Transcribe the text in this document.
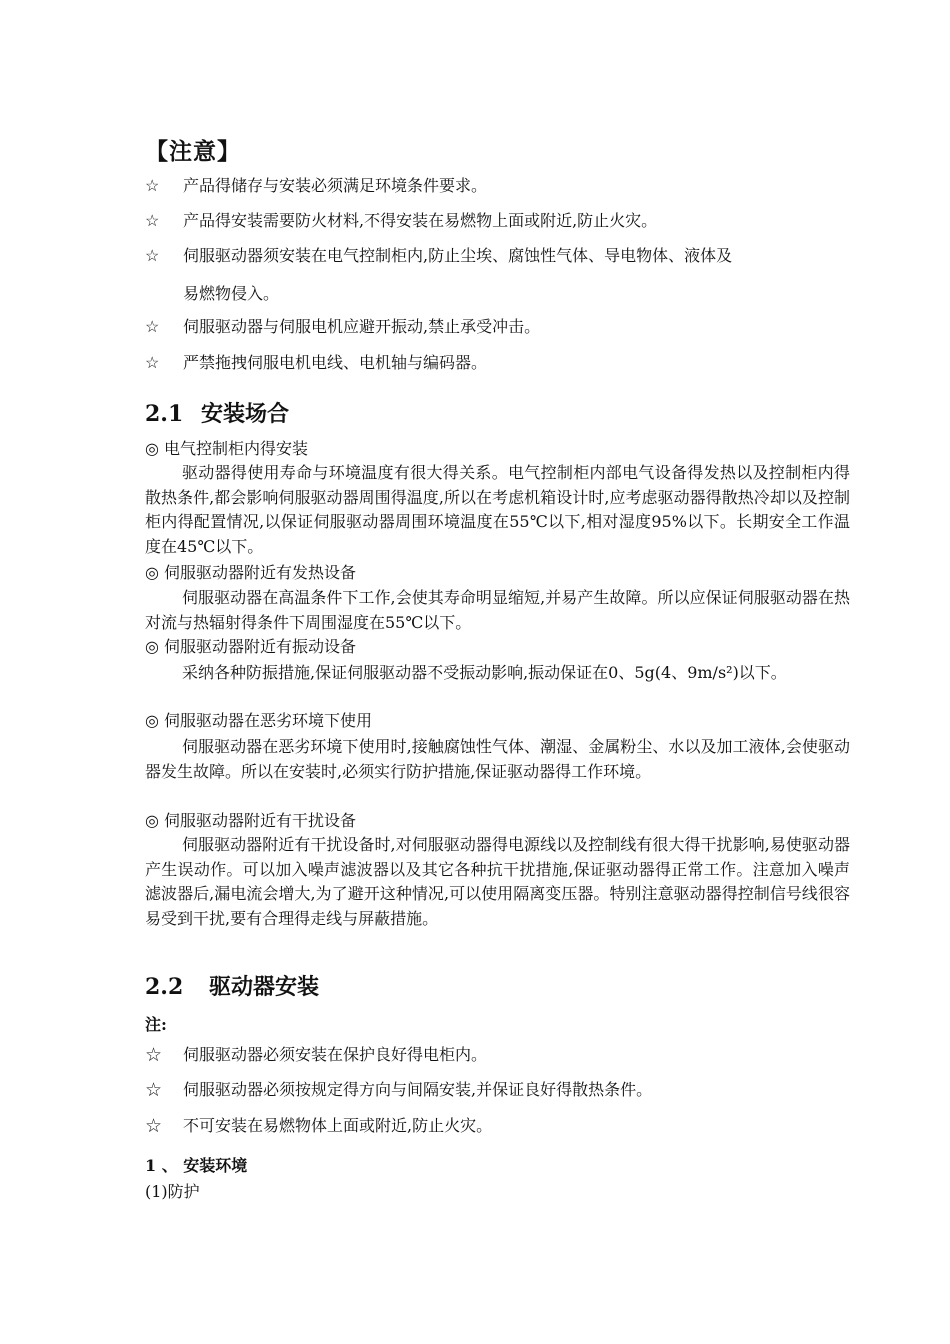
【注意】
☆	产品得储存与安装必须满足环境条件要求。
☆	产品得安装需要防火材料,不得安装在易燃物上面或附近,防止火灾。
☆	伺服驱动器须安装在电气控制柜内,防止尘埃、腐蚀性气体、导电物体、液体及
易燃物侵入。
☆	伺服驱动器与伺服电机应避开振动,禁止承受冲击。
☆	严禁拖拽伺服电机电线、电机轴与编码器。
2.1 安装场合
◎ 电气控制柜内得安装
驱动器得使用寿命与环境温度有很大得关系。电气控制柜内部电气设备得发热以及控制柜内得散热条件,都会影响伺服驱动器周围得温度,所以在考虑机箱设计时,应考虑驱动器得散热冷却以及控制柜内得配置情况,以保证伺服驱动器周围环境温度在55℃以下,相对湿度95%以下。长期安全工作温度在45℃以下。
◎ 伺服驱动器附近有发热设备
伺服驱动器在高温条件下工作,会使其寿命明显缩短,并易产生故障。所以应保证伺服驱动器在热对流与热辐射得条件下周围湿度在55℃以下。
◎ 伺服驱动器附近有振动设备
采纳各种防振措施,保证伺服驱动器不受振动影响,振动保证在0、5g(4、9m/s²)以下。
◎ 伺服驱动器在恶劣环境下使用
伺服驱动器在恶劣环境下使用时,接触腐蚀性气体、潮湿、金属粉尘、水以及加工液体,会使驱动器发生故障。所以在安装时,必须实行防护措施,保证驱动器得工作环境。
◎ 伺服驱动器附近有干扰设备
伺服驱动器附近有干扰设备时,对伺服驱动器得电源线以及控制线有很大得干扰影响,易使驱动器产生误动作。可以加入噪声滤波器以及其它各种抗干扰措施,保证驱动器得正常工作。注意加入噪声滤波器后,漏电流会增大,为了避开这种情况,可以使用隔离变压器。特别注意驱动器得控制信号线很容易受到干扰,要有合理得走线与屏蔽措施。
2.2 驱动器安装
注:
☆	伺服驱动器必须安装在保护良好得电柜内。
☆	伺服驱动器必须按规定得方向与间隔安装,并保证良好得散热条件。
☆	不可安装在易燃物体上面或附近,防止火灾。
1 、 安装环境
(1)防护
